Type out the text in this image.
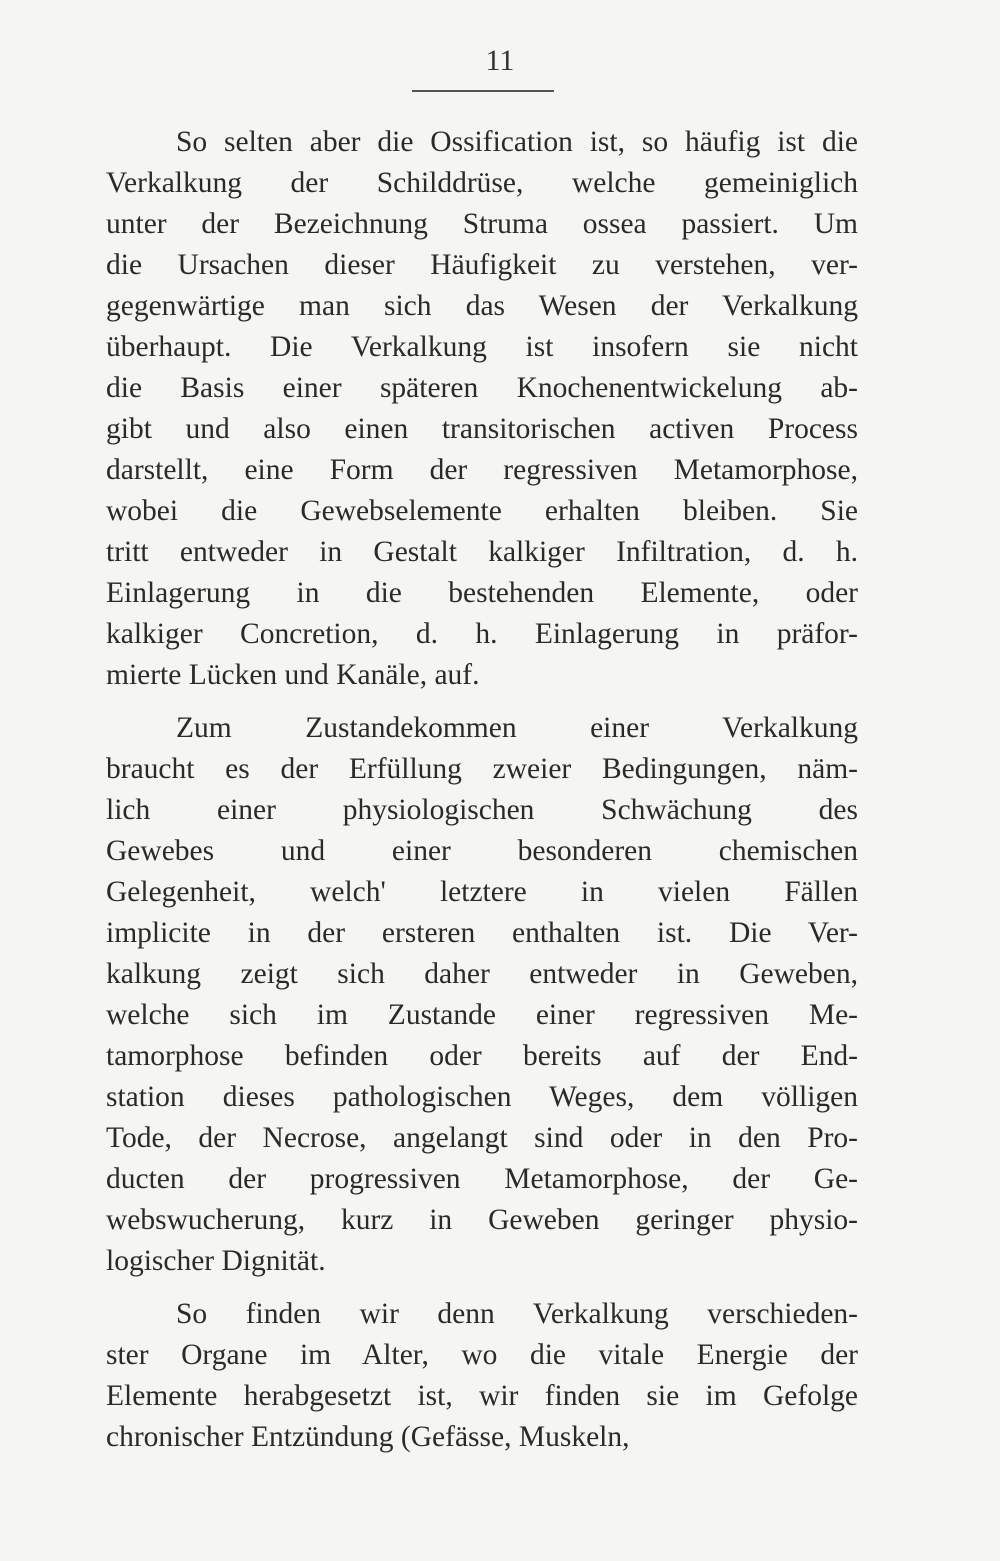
11
So selten aber die Ossification ist, so häufig ist die
Verkalkung der Schilddrüse, welche gemeiniglich
unter der Bezeichnung Struma ossea passiert. Um
die Ursachen dieser Häufigkeit zu verstehen, ver-
gegenwärtige man sich das Wesen der Verkalkung
überhaupt. Die Verkalkung ist insofern sie nicht
die Basis einer späteren Knochenentwickelung ab-
gibt und also einen transitorischen activen Process
darstellt, eine Form der regressiven Metamorphose,
wobei die Gewebselemente erhalten bleiben. Sie
tritt entweder in Gestalt kalkiger Infiltration, d. h.
Einlagerung in die bestehenden Elemente, oder
kalkiger Concretion, d. h. Einlagerung in präfor-
mierte Lücken und Kanäle, auf.
Zum Zustandekommen einer Verkalkung
braucht es der Erfüllung zweier Bedingungen, näm-
lich einer physiologischen Schwächung des
Gewebes und einer besonderen chemischen
Gelegenheit, welch' letztere in vielen Fällen
implicite in der ersteren enthalten ist. Die Ver-
kalkung zeigt sich daher entweder in Geweben,
welche sich im Zustande einer regressiven Me-
tamorphose befinden oder bereits auf der End-
station dieses pathologischen Weges, dem völligen
Tode, der Necrose, angelangt sind oder in den Pro-
ducten der progressiven Metamorphose, der Ge-
webswucherung, kurz in Geweben geringer physio-
logischer Dignität.
So finden wir denn Verkalkung verschieden-
ster Organe im Alter, wo die vitale Energie der
Elemente herabgesetzt ist, wir finden sie im Gefolge
chronischer Entzündung (Gefässe, Muskeln,
